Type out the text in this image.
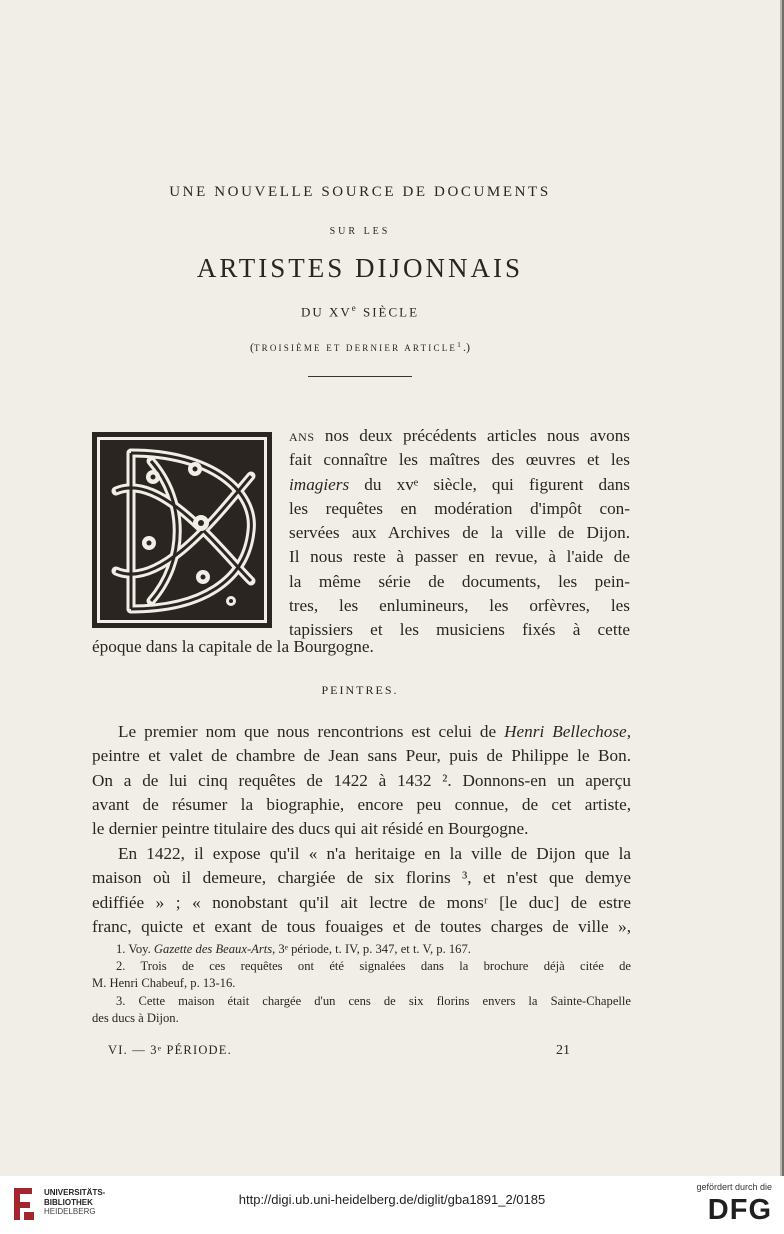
UNE NOUVELLE SOURCE DE DOCUMENTS
SUR LES
ARTISTES DIJONNAIS
DU XVe SIÈCLE
(TROISIÈME ET DERNIER ARTICLE$^1$.)
ans nos deux précédents articles nous avons
fait connaître les maîtres des œuvres et les
imagiers du xvᵉ siècle, qui figurent dans
les requêtes en modération d'impôt con-
servées aux Archives de la ville de Dijon.
Il nous reste à passer en revue, à l'aide de
la même série de documents, les pein-
tres, les enlumineurs, les orfèvres, les
tapissiers et les musiciens fixés à cette
époque dans la capitale de la Bourgogne.
PEINTRES.
Le premier nom que nous rencontrions est celui de Henri Bellechose,
peintre et valet de chambre de Jean sans Peur, puis de Philippe le Bon.
On a de lui cinq requêtes de 1422 à 1432 ². Donnons-en un aperçu
avant de résumer la biographie, encore peu connue, de cet artiste,
le dernier peintre titulaire des ducs qui ait résidé en Bourgogne.
En 1422, il expose qu'il « n'a heritaige en la ville de Dijon que la
maison où il demeure, chargiée de six florins ³, et n'est que demye
ediffiée » ; « nonobstant qu'il ait lectre de monsʳ [le duc] de estre
franc, quicte et exant de tous fouaiges et de toutes charges de ville »,
1. Voy. Gazette des Beaux-Arts, 3ᵉ période, t. IV, p. 347, et t. V, p. 167.
2. Trois de ces requêtes ont été signalées dans la brochure déjà citée de
M. Henri Chabeuf, p. 13-16.
3. Cette maison était chargée d'un cens de six florins envers la Sainte-Chapelle
des ducs à Dijon.
VI. — 3ᵉ PÉRIODE.	21
UNIVERSITÄTS-
BIBLIOTHEK
HEIDELBERG
http://digi.ub.uni-heidelberg.de/diglit/gba1891_2/0185
gefördert durch die
DFG
